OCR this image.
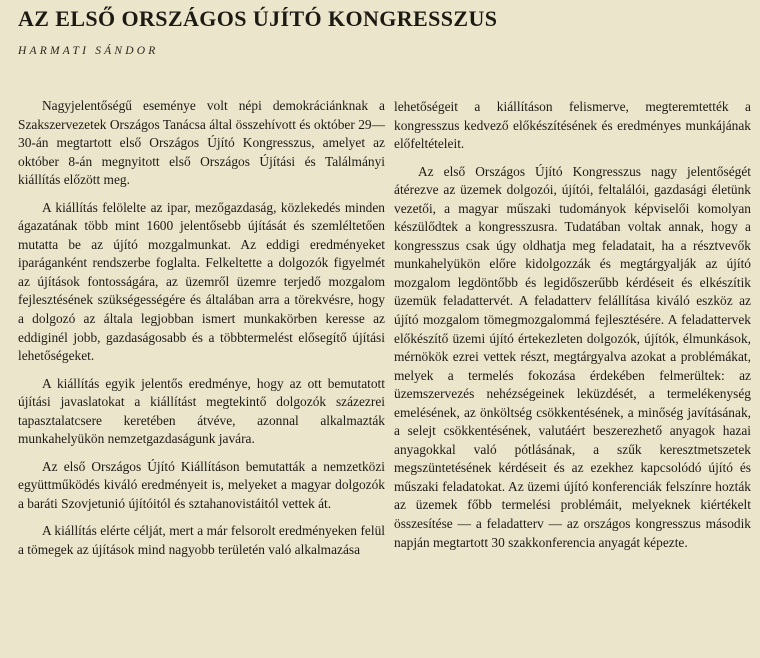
AZ ELSŐ ORSZÁGOS ÚJÍTÓ KONGRESSZUS
HARMATI SÁNDOR

Nagyjelentőségű eseménye volt népi demokráciánknak a Szakszervezetek Országos Tanácsa által összehívott és október 29—30-án megtartott első Országos Újító Kongresszus, amelyet az október 8-án megnyitott első Országos Újítási és Találmányi kiállítás előzött meg.

A kiállítás felölelte az ipar, mezőgazdaság, közlekedés minden ágazatának több mint 1600 jelentősebb újítását és szemléltetően mutatta be az újító mozgalmunkat. Az eddigi eredményeket iparáganként rendszerbe foglalta. Felkeltette a dolgozók figyelmét az újítások fontosságára, az üzemről üzemre terjedő mozgalom fejlesztésének szükségességére és általában arra a törekvésre, hogy a dolgozó az általa legjobban ismert munkakörben keresse az eddiginél jobb, gazdaságosabb és a többtermelést elősegítő újítási lehetőségeket.

A kiállítás egyik jelentős eredménye, hogy az ott bemutatott újítási javaslatokat a kiállítást megtekintő dolgozók százezrei tapasztalatcsere keretében átvéve, azonnal alkalmazták munkahelyükön nemzetgazdaságunk javára.

Az első Országos Újító Kiállításon bemutatták a nemzetközi együttműködés kiváló eredményeit is, melyeket a magyar dolgozók a baráti Szovjetunió újítóitól és sztahanovistáitól vettek át.

A kiállítás elérte célját, mert a már felsorolt eredményeken felül a tömegek az újítások mind nagyobb területén való alkalmazása

lehetőségeit a kiállításon felismerve, megteremtették a kongresszus kedvező előkészítésének és eredményes munkájának előfeltételeit.

Az első Országos Újító Kongresszus nagy jelentőségét átérezve az üzemek dolgozói, újítói, feltalálói, gazdasági életünk vezetői, a magyar műszaki tudományok képviselői komolyan készülődtek a kongresszusra. Tudatában voltak annak, hogy a kongresszus csak úgy oldhatja meg feladatait, ha a résztvevők munkahelyükön előre kidolgozzák és megtárgyalják az újító mozgalom legdöntőbb és legidőszerűbb kérdéseit és elkészítik üzemük feladattervét. A feladatterv felállítása kiváló eszköz az újító mozgalom tömegmozgalommá fejlesztésére. A feladattervek előkészítő üzemi újító értekezleten dolgozók, újítók, élmunkások, mérnökök ezrei vettek részt, megtárgyalva azokat a problémákat, melyek a termelés fokozása érdekében felmerültek: az üzemszervezés nehézségeinek leküzdését, a termelékenység emelésének, az önköltség csökkentésének, a minőség javításának, a selejt csökkentésének, valutáért beszerezhető anyagok hazai anyagokkal való pótlásának, a szűk keresztmetszetek megszüntetésének kérdéseit és az ezekhez kapcsolódó újító és műszaki feladatokat. Az üzemi újító konferenciák felszínre hozták az üzemek főbb termelési problémáit, melyeknek kiértékelt összesítése — a feladatterv — az országos kongresszus második napján megtartott 30 szakkonferencia anyagát képezte.
